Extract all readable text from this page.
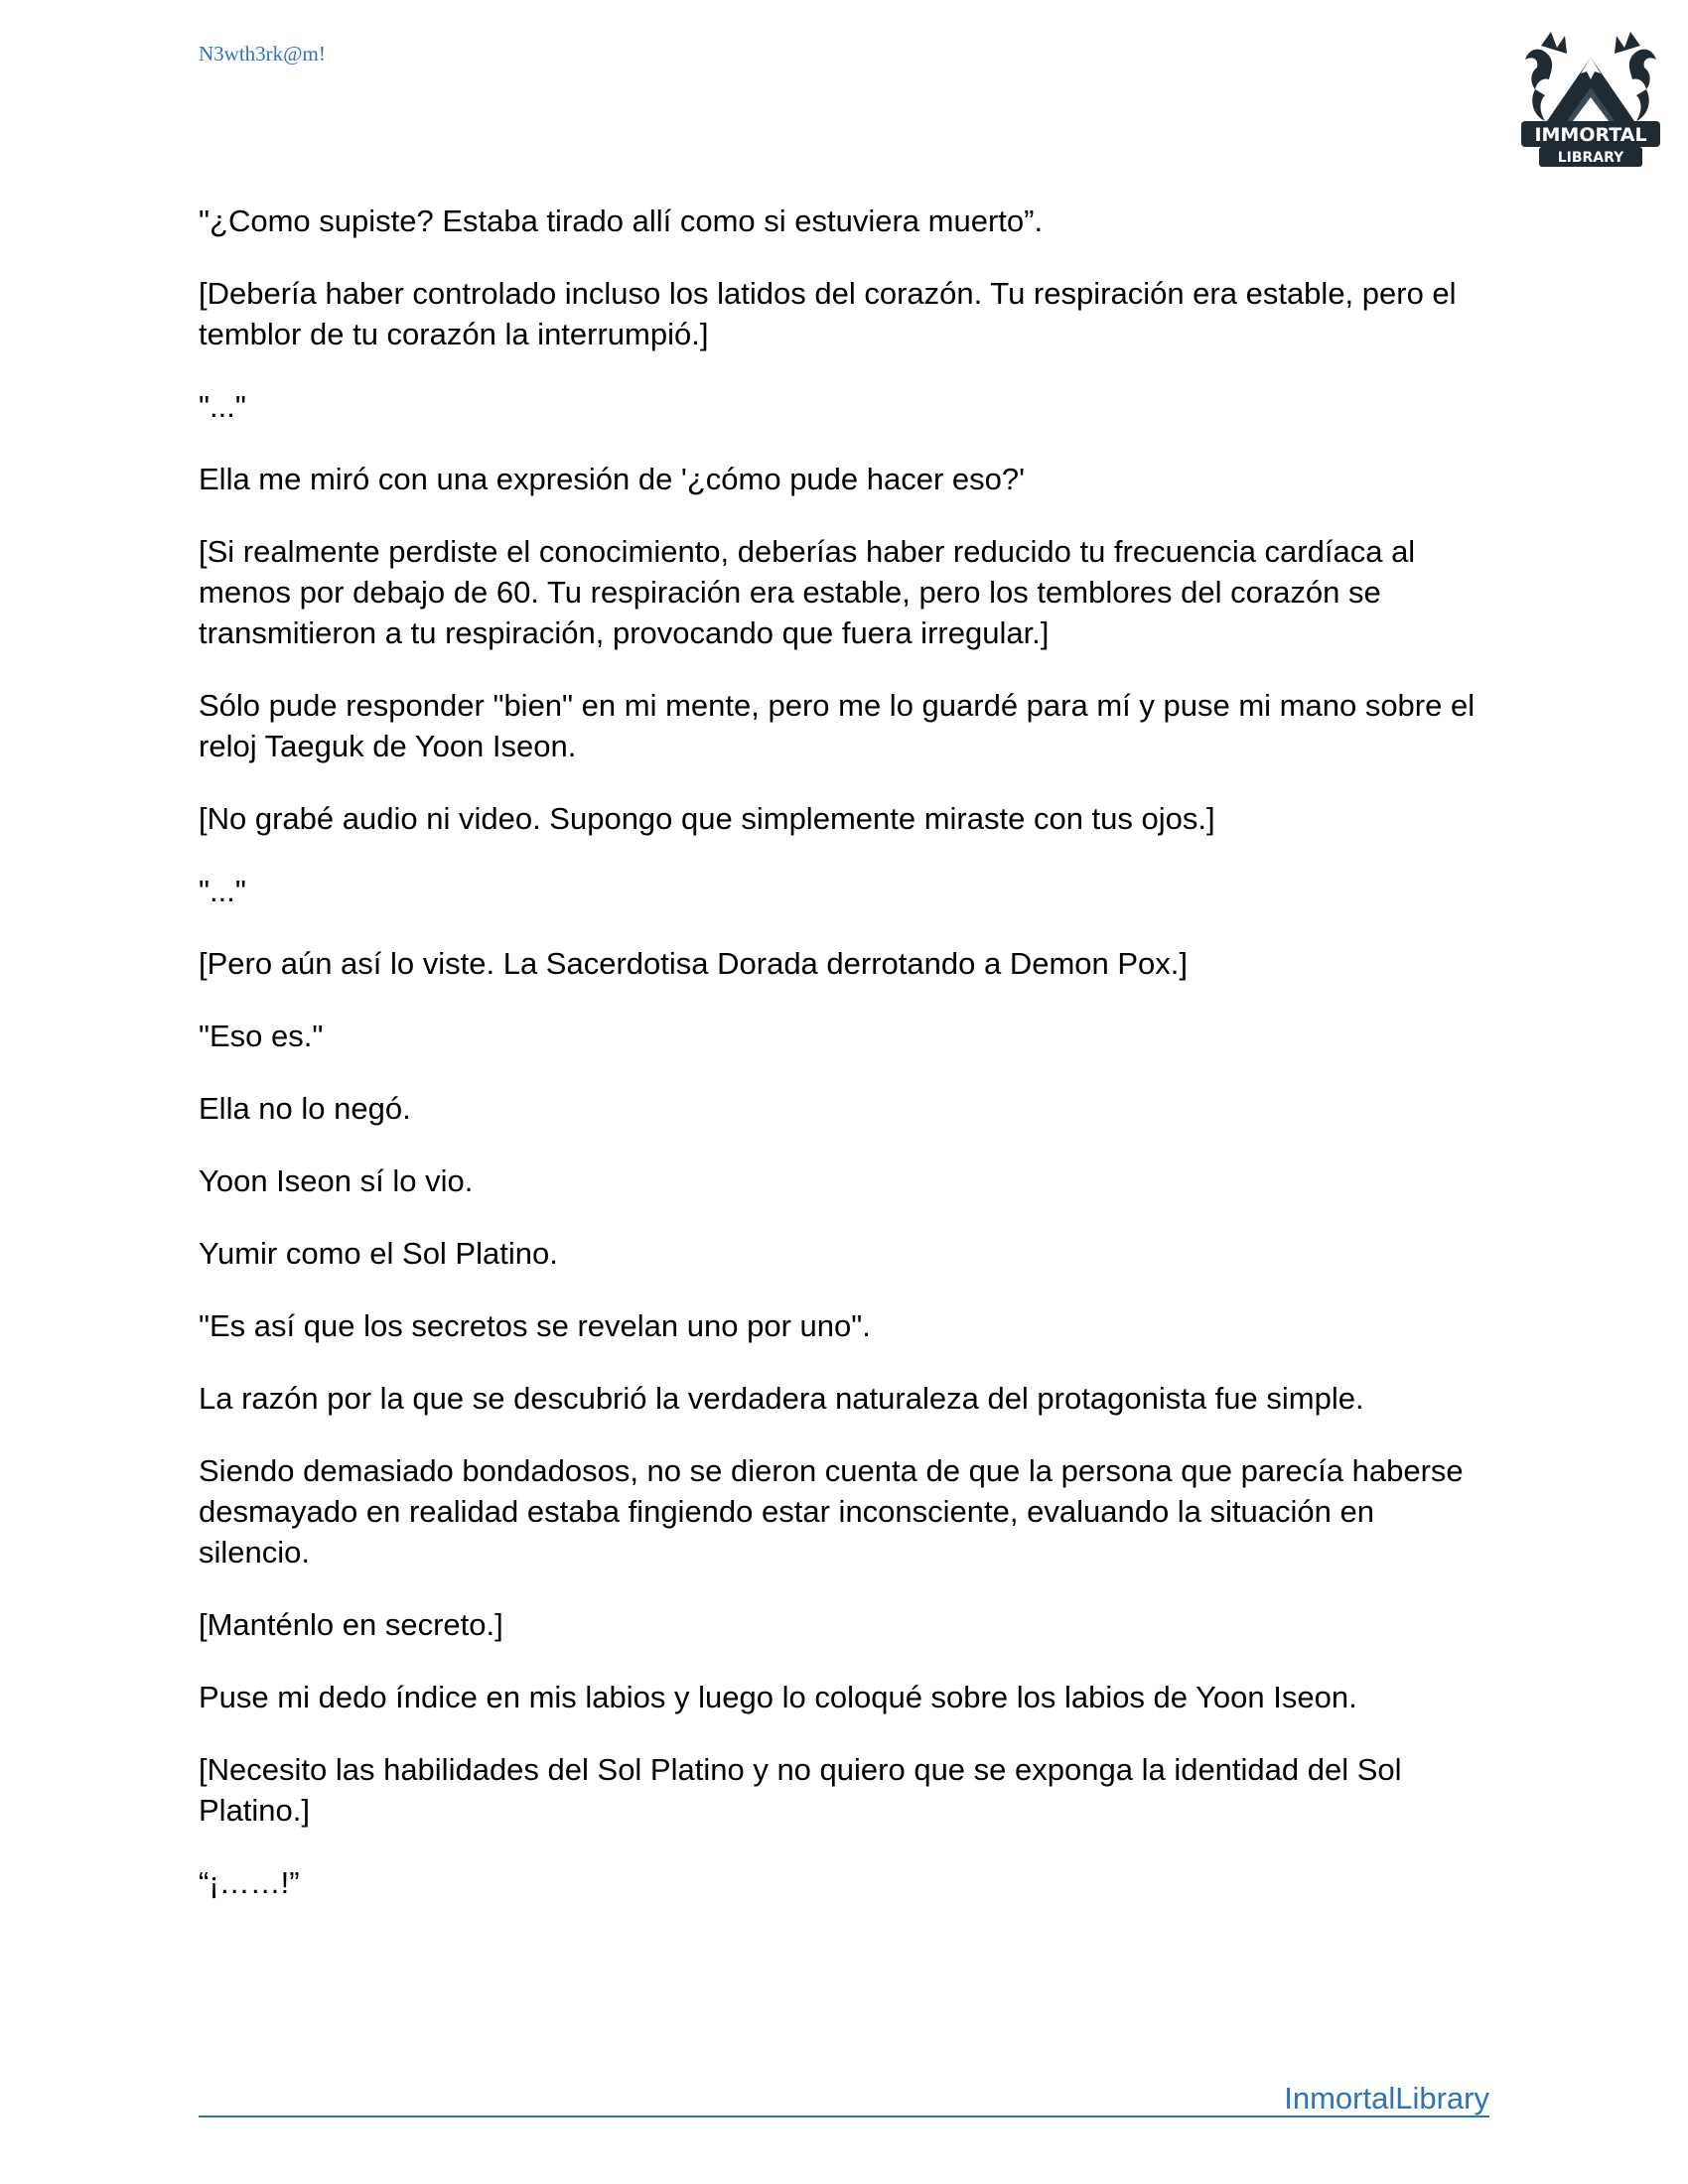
N3wth3rk@m!
IMMORTAL
LIBRARY

"¿Como supiste? Estaba tirado allí como si estuviera muerto”.

[Debería haber controlado incluso los latidos del corazón. Tu respiración era estable, pero el temblor de tu corazón la interrumpió.]

"..."

Ella me miró con una expresión de '¿cómo pude hacer eso?'

[Si realmente perdiste el conocimiento, deberías haber reducido tu frecuencia cardíaca al menos por debajo de 60. Tu respiración era estable, pero los temblores del corazón se transmitieron a tu respiración, provocando que fuera irregular.]

Sólo pude responder "bien" en mi mente, pero me lo guardé para mí y puse mi mano sobre el reloj Taeguk de Yoon Iseon.

[No grabé audio ni video. Supongo que simplemente miraste con tus ojos.]

"..."

[Pero aún así lo viste. La Sacerdotisa Dorada derrotando a Demon Pox.]

"Eso es."

Ella no lo negó.

Yoon Iseon sí lo vio.

Yumir como el Sol Platino.

"Es así que los secretos se revelan uno por uno".

La razón por la que se descubrió la verdadera naturaleza del protagonista fue simple.

Siendo demasiado bondadosos, no se dieron cuenta de que la persona que parecía haberse desmayado en realidad estaba fingiendo estar inconsciente, evaluando la situación en silencio.

[Manténlo en secreto.]

Puse mi dedo índice en mis labios y luego lo coloqué sobre los labios de Yoon Iseon.

[Necesito las habilidades del Sol Platino y no quiero que se exponga la identidad del Sol Platino.]

“¡……!”

InmortalLibrary
